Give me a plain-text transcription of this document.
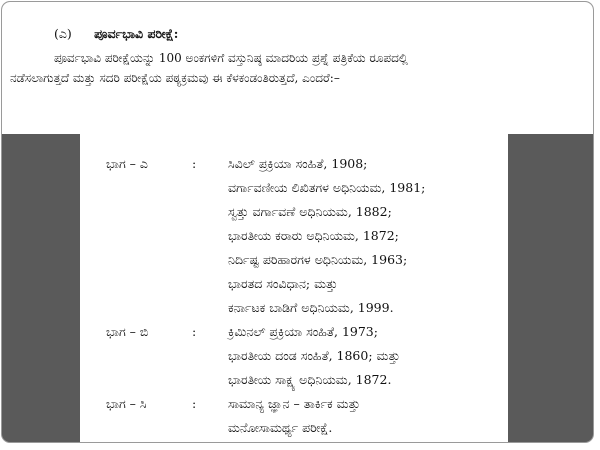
(ಎ) ಪೂರ್ವಭಾವಿ ಪರೀಕ್ಷೆ:
ಪೂರ್ವಭಾವಿ ಪರೀಕ್ಷೆಯನ್ನು 100 ಅಂಕಗಳಿಗೆ ವಸ್ತುನಿಷ್ಠ ಮಾದರಿಯ ಪ್ರಶ್ನೆ ಪತ್ರಿಕೆಯ ರೂಪದಲ್ಲಿ
ನಡೆಸಲಾಗುತ್ತದೆ ಮತ್ತು ಸದರಿ ಪರೀಕ್ಷೆಯ ಪಠ್ಯಕ್ರಮವು ಈ ಕೆಳಕಂಡಂತಿರುತ್ತದೆ, ಎಂದರೆ:–
ಭಾಗ – ಎ	:	ಸಿವಿಲ್ ಪ್ರಕ್ರಿಯಾ ಸಂಹಿತೆ, 1908;
ವರ್ಗಾವಣೀಯ ಲಿಖಿತಗಳ ಅಧಿನಿಯಮ, 1981;
ಸ್ವತ್ತು ವರ್ಗಾವಣೆ ಅಧಿನಿಯಮ, 1882;
ಭಾರತೀಯ ಕರಾರು ಅಧಿನಿಯಮ, 1872;
ನಿರ್ದಿಷ್ಟ ಪರಿಹಾರಗಳ ಅಧಿನಿಯಮ, 1963;
ಭಾರತದ ಸಂವಿಧಾನ; ಮತ್ತು
ಕರ್ನಾಟಕ ಬಾಡಿಗೆ ಅಧಿನಿಯಮ, 1999.
ಭಾಗ – ಬಿ	:	ಕ್ರಿಮಿನಲ್ ಪ್ರಕ್ರಿಯಾ ಸಂಹಿತೆ, 1973;
ಭಾರತೀಯ ದಂಡ ಸಂಹಿತೆ, 1860; ಮತ್ತು
ಭಾರತೀಯ ಸಾಕ್ಷ್ಯ ಅಧಿನಿಯಮ, 1872.
ಭಾಗ – ಸಿ	:	ಸಾಮಾನ್ಯ ಜ್ಞಾನ – ತಾರ್ಕಿಕ ಮತ್ತು
ಮನೋಸಾಮರ್ಥ್ಯ ಪರೀಕ್ಷೆ.
